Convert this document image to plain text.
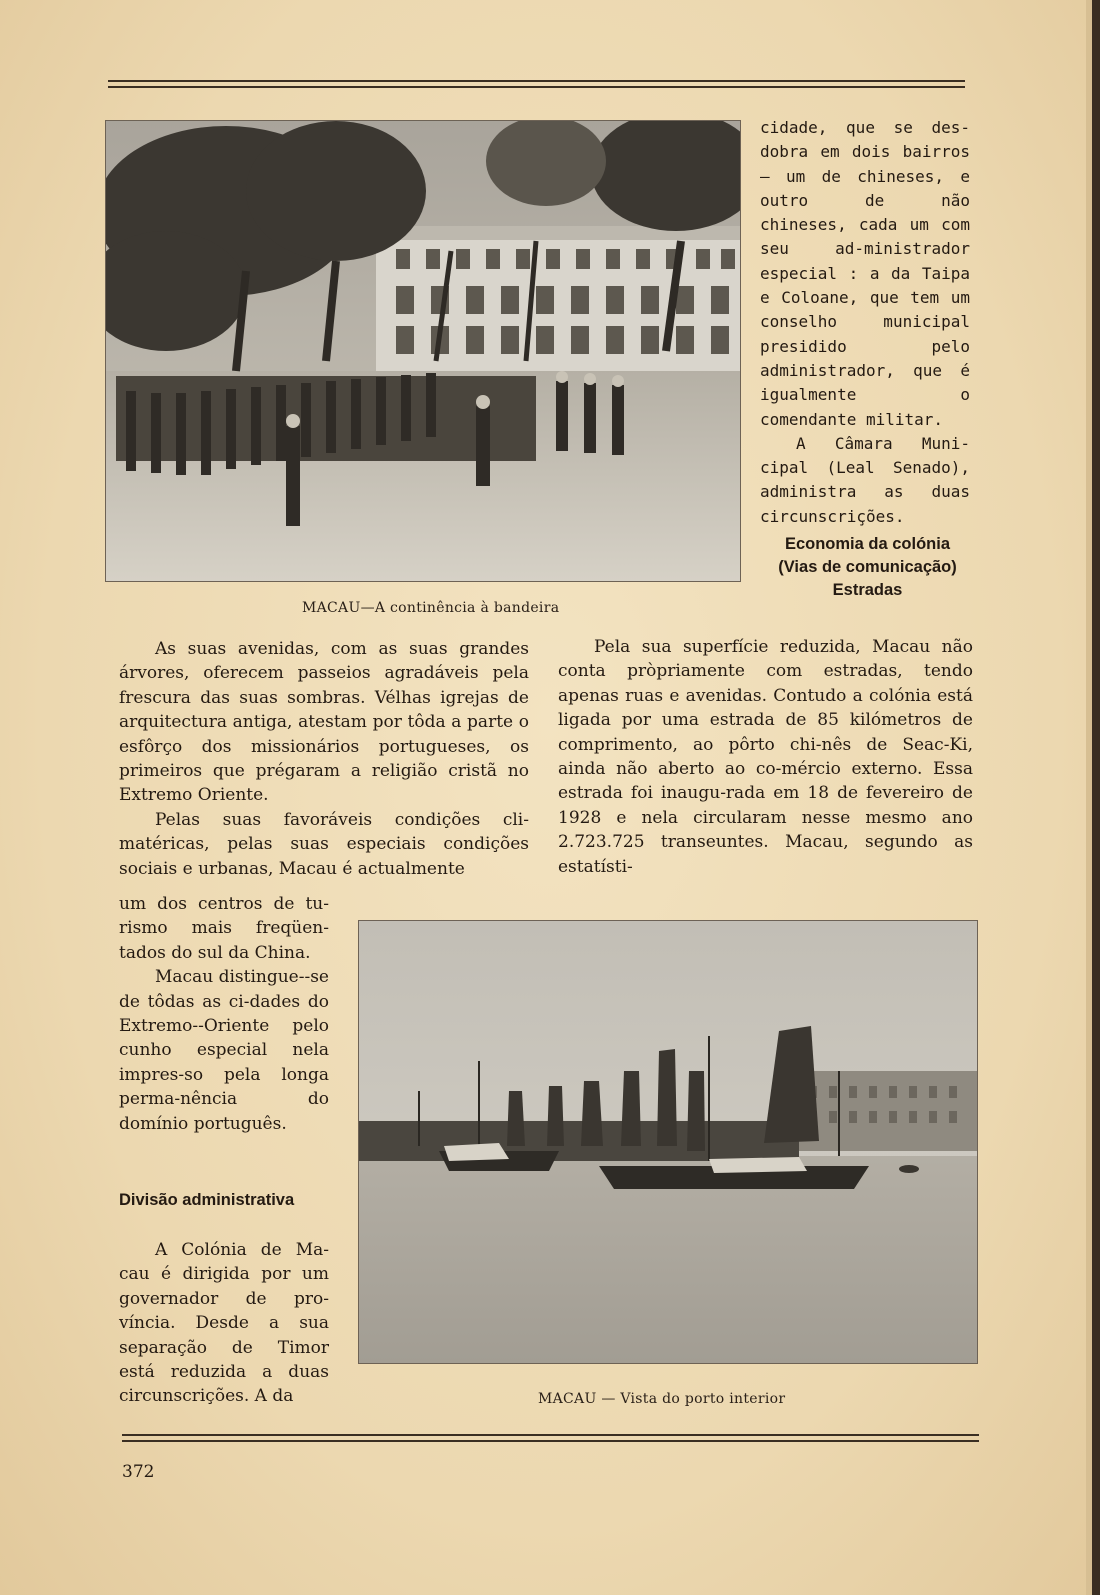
MACAU—A continência à bandeira

cidade, que se des-dobra em dois bairros — um de chineses, e outro de não chineses, cada um com seu ad-ministrador especial : a da Taipa e Coloane, que tem um conselho municipal presidido pelo administrador, que é igualmente o comendante militar.

A Câmara Muni-cipal (Leal Senado), administra as duas circunscrições.

Economia da colónia
(Vias de comunicação)
Estradas

As suas avenidas, com as suas grandes árvores, oferecem passeios agradáveis pela frescura das suas sombras. Vélhas igrejas de arquitectura antiga, atestam por tôda a parte o esfôrço dos missionários portugueses, os primeiros que prégaram a religião cristã no Extremo Oriente.

Pelas suas favoráveis condições cli-matéricas, pelas suas especiais condições sociais e urbanas, Macau é actualmente

Pela sua superfície reduzida, Macau não conta pròpriamente com estradas, tendo apenas ruas e avenidas. Contudo a colónia está ligada por uma estrada de 85 kilómetros de comprimento, ao pôrto chi-nês de Seac-Ki, ainda não aberto ao co-mércio externo. Essa estrada foi inaugu-rada em 18 de fevereiro de 1928 e nela circularam nesse mesmo ano 2.723.725 transeuntes. Macau, segundo as estatísti-

um dos centros de tu-rismo mais freqüen-tados do sul da China.

Macau distingue--se de tôdas as ci-dades do Extremo--Oriente pelo cunho especial nela impres-so pela longa perma-nência do domínio português.

Divisão administrativa

A Colónia de Ma-cau é dirigida por um governador de pro-víncia. Desde a sua separação de Timor está reduzida a duas circunscrições. A da	MACAU — Vista do porto interior
372
